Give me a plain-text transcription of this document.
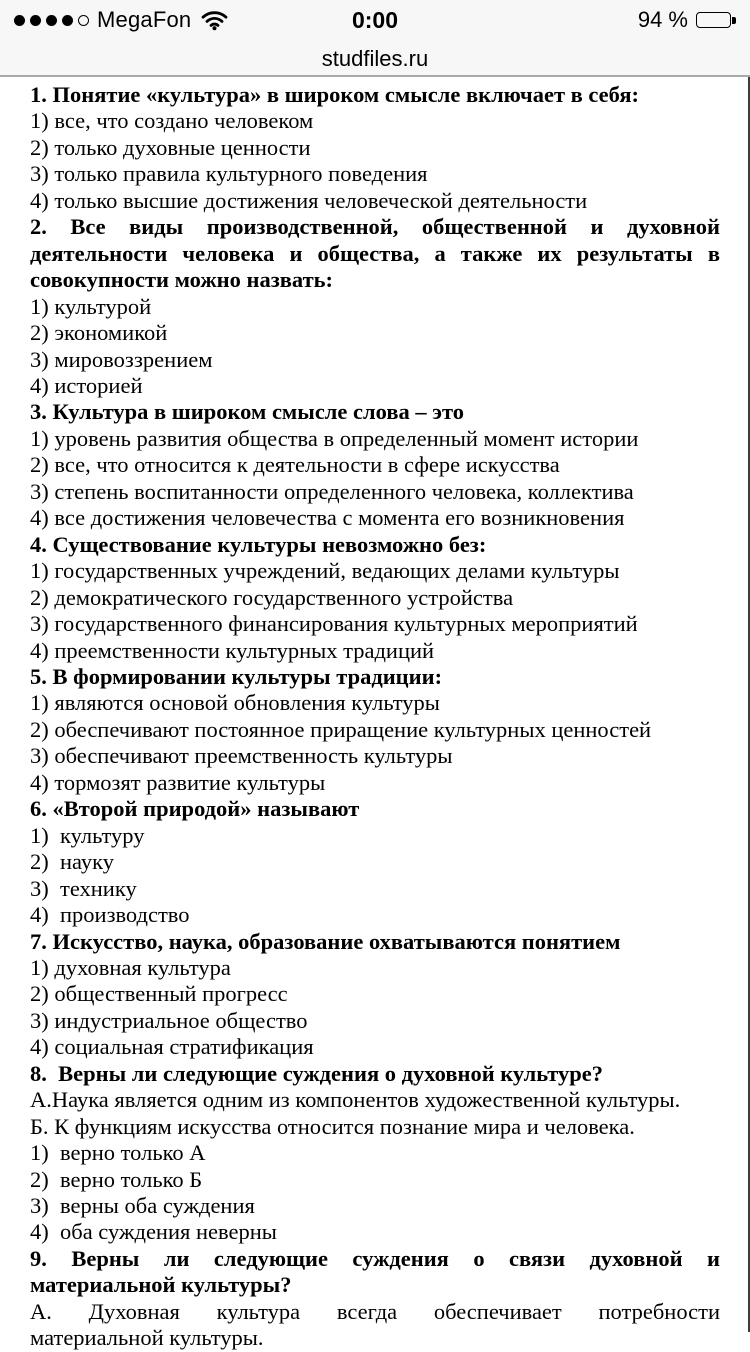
MegaFon	0:00	94 %
studfiles.ru
1. Понятие «культура» в широком смысле включает в себя:
1) все, что создано человеком
2) только духовные ценности
3) только правила культурного поведения
4) только высшие достижения человеческой деятельности
2. Все виды производственной, общественной и духовной
деятельности человека и общества, а также их результаты в
совокупности можно назвать:
1) культурой
2) экономикой
3) мировоззрением
4) историей
3. Культура в широком смысле слова – это
1) уровень развития общества в определенный момент истории
2) все, что относится к деятельности в сфере искусства
3) степень воспитанности определенного человека, коллектива
4) все достижения человечества с момента его возникновения
4. Существование культуры невозможно без:
1) государственных учреждений, ведающих делами культуры
2) демократического государственного устройства
3) государственного финансирования культурных мероприятий
4) преемственности культурных традиций
5. В формировании культуры традиции:
1) являются основой обновления культуры
2) обеспечивают постоянное приращение культурных ценностей
3) обеспечивают преемственность культуры
4) тормозят развитие культуры
6. «Второй природой» называют
1)  культуру
2)  науку
3)  технику
4)  производство
7. Искусство, наука, образование охватываются понятием
1) духовная культура
2) общественный прогресс
3) индустриальное общество
4) социальная стратификация
8.  Верны ли следующие суждения о духовной культуре?
А.Наука является одним из компонентов художественной культуры.
Б. К функциям искусства относится познание мира и человека.
1)  верно только А
2)  верно только Б
3)  верны оба суждения
4)  оба суждения неверны
9. Верны ли следующие суждения о связи духовной и
материальной культуры?
А. Духовная культура всегда обеспечивает потребности
материальной культуры.
